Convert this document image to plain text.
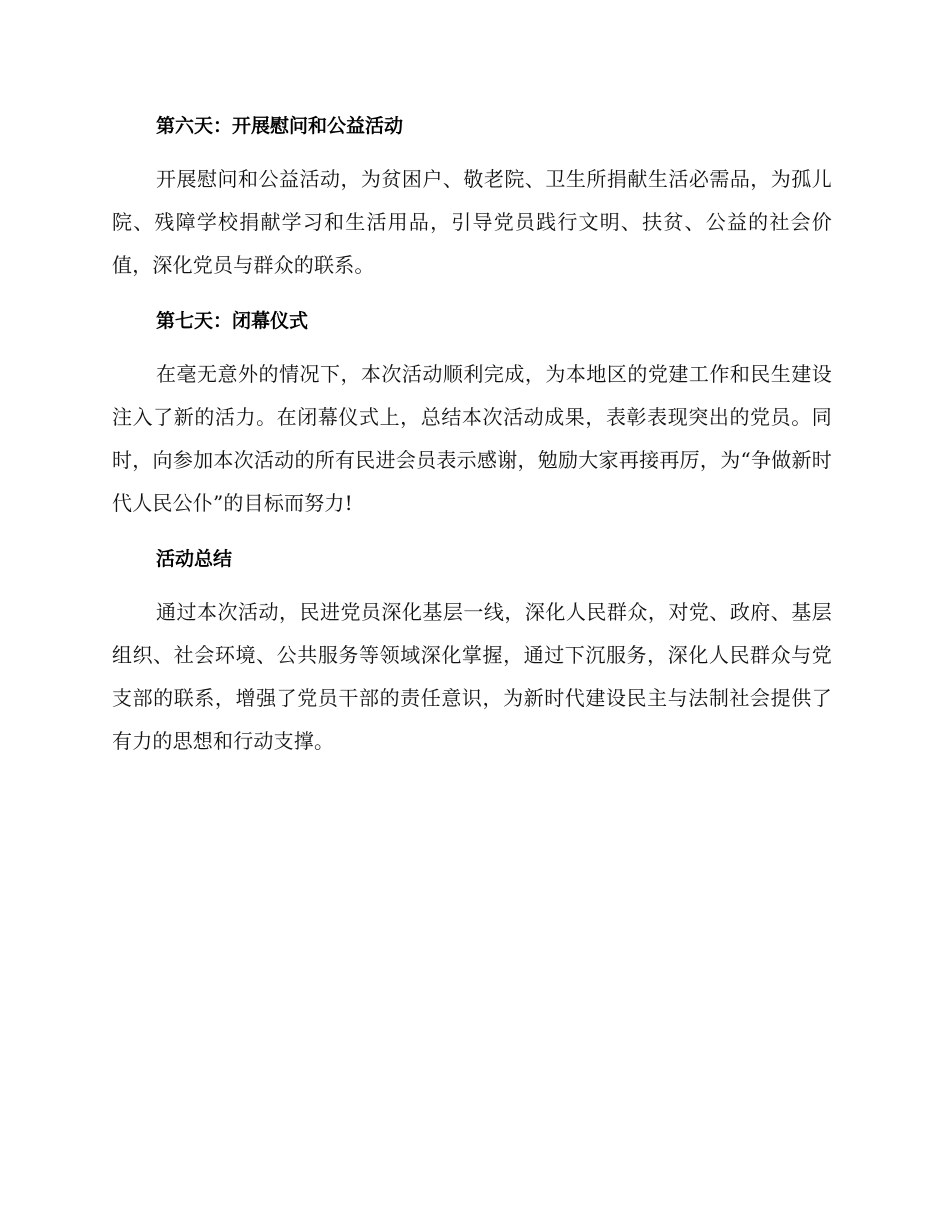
第六天：开展慰问和公益活动

开展慰问和公益活动，为贫困户、敬老院、卫生所捐献生活必需品，为孤儿院、残障学校捐献学习和生活用品，引导党员践行文明、扶贫、公益的社会价值，深化党员与群众的联系。

第七天：闭幕仪式

在毫无意外的情况下，本次活动顺利完成，为本地区的党建工作和民生建设注入了新的活力。在闭幕仪式上，总结本次活动成果，表彰表现突出的党员。同时，向参加本次活动的所有民进会员表示感谢，勉励大家再接再厉，为“争做新时代人民公仆”的目标而努力!

活动总结

通过本次活动，民进党员深化基层一线，深化人民群众，对党、政府、基层组织、社会环境、公共服务等领域深化掌握，通过下沉服务，深化人民群众与党支部的联系，增强了党员干部的责任意识，为新时代建设民主与法制社会提供了有力的思想和行动支撑。
